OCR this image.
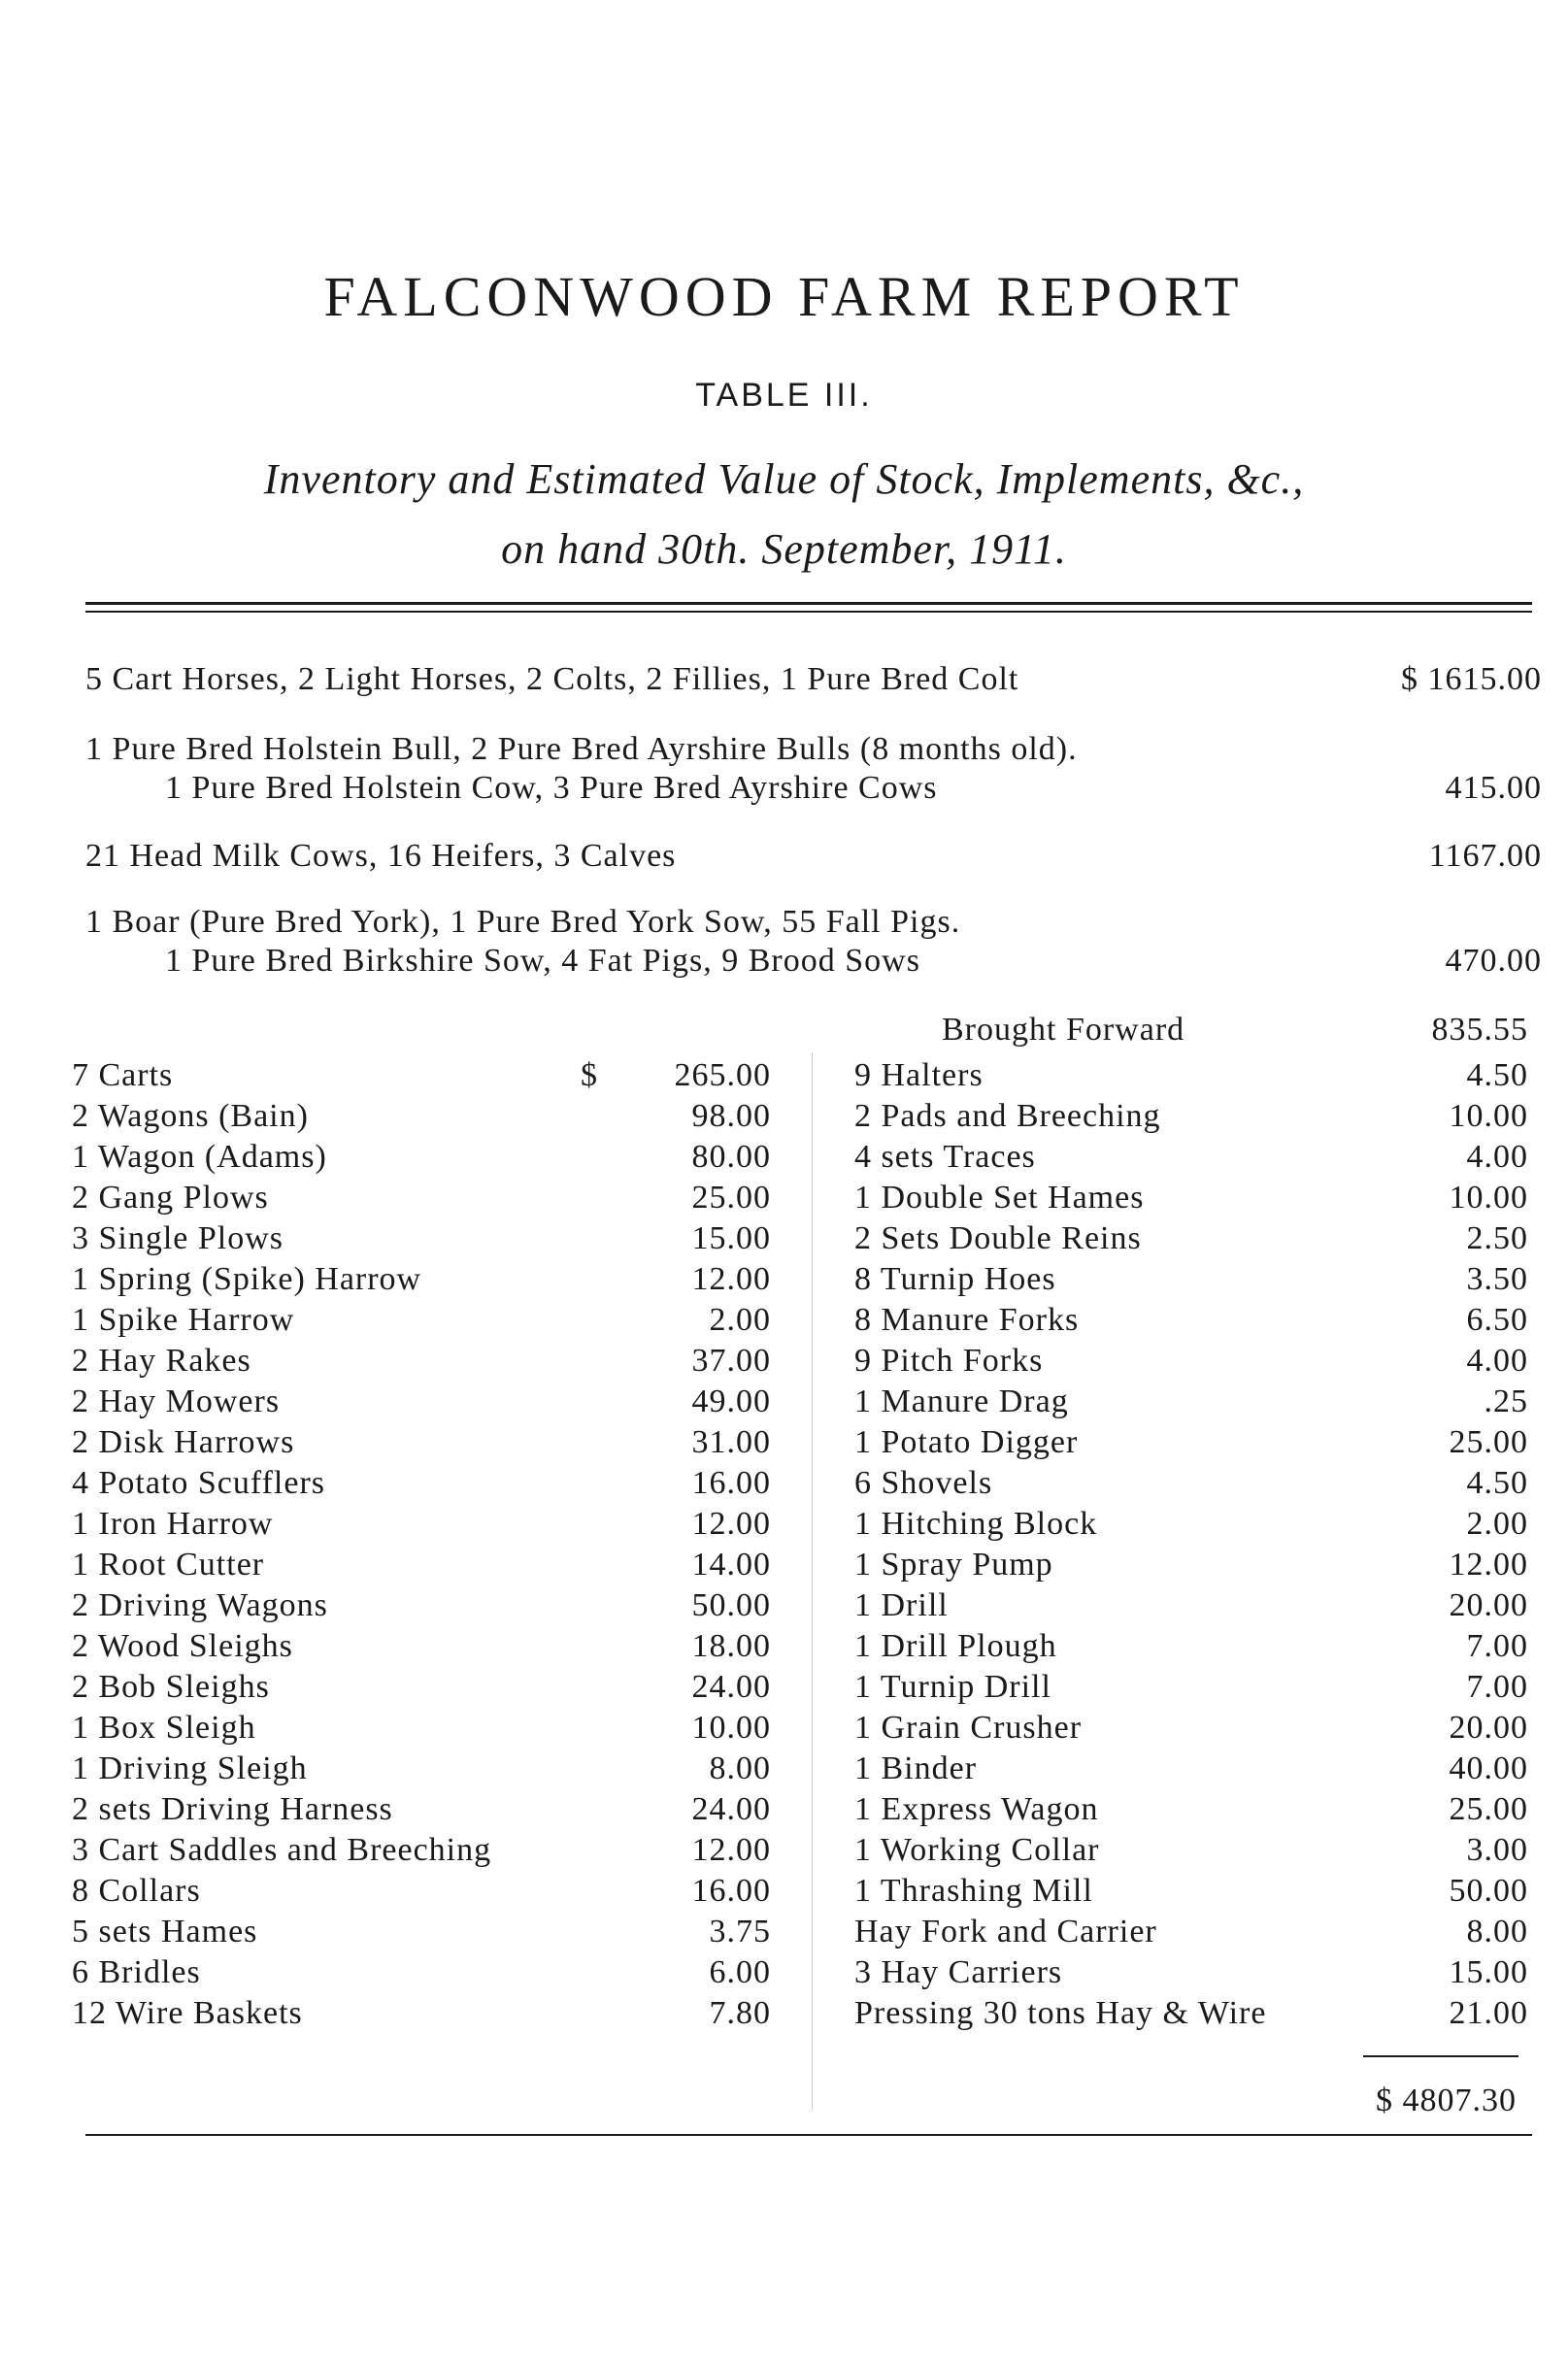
FALCONWOOD FARM REPORT
TABLE III.
Inventory and Estimated Value of Stock, Implements, &c.,
on hand 30th. September, 1911.
5 Cart Horses, 2 Light Horses, 2 Colts, 2 Fillies, 1 Pure Bred Colt	$ 1615.00
1 Pure Bred Holstein Bull, 2 Pure Bred Ayrshire Bulls (8 months old).
1 Pure Bred Holstein Cow, 3 Pure Bred Ayrshire Cows	415.00
21 Head Milk Cows, 16 Heifers, 3 Calves	1167.00
1 Boar (Pure Bred York), 1 Pure Bred York Sow, 55 Fall Pigs.
1 Pure Bred Birkshire Sow, 4 Fat Pigs, 9 Brood Sows	470.00
Brought Forward	835.55
7 Carts	$ 265.00
2 Wagons (Bain)	98.00
1 Wagon (Adams)	80.00
2 Gang Plows	25.00
3 Single Plows	15.00
1 Spring (Spike) Harrow	12.00
1 Spike Harrow	2.00
2 Hay Rakes	37.00
2 Hay Mowers	49.00
2 Disk Harrows	31.00
4 Potato Scufflers	16.00
1 Iron Harrow	12.00
1 Root Cutter	14.00
2 Driving Wagons	50.00
2 Wood Sleighs	18.00
2 Bob Sleighs	24.00
1 Box Sleigh	10.00
1 Driving Sleigh	8.00
2 sets Driving Harness	24.00
3 Cart Saddles and Breeching	12.00
8 Collars	16.00
5 sets Hames	3.75
6 Bridles	6.00
12 Wire Baskets	7.80
9 Halters	4.50
2 Pads and Breeching	10.00
4 sets Traces	4.00
1 Double Set Hames	10.00
2 Sets Double Reins	2.50
8 Turnip Hoes	3.50
8 Manure Forks	6.50
9 Pitch Forks	4.00
1 Manure Drag	.25
1 Potato Digger	25.00
6 Shovels	4.50
1 Hitching Block	2.00
1 Spray Pump	12.00
1 Drill	20.00
1 Drill Plough	7.00
1 Turnip Drill	7.00
1 Grain Crusher	20.00
1 Binder	40.00
1 Express Wagon	25.00
1 Working Collar	3.00
1 Thrashing Mill	50.00
Hay Fork and Carrier	8.00
3 Hay Carriers	15.00
Pressing 30 tons Hay & Wire	21.00
$ 4807.30
